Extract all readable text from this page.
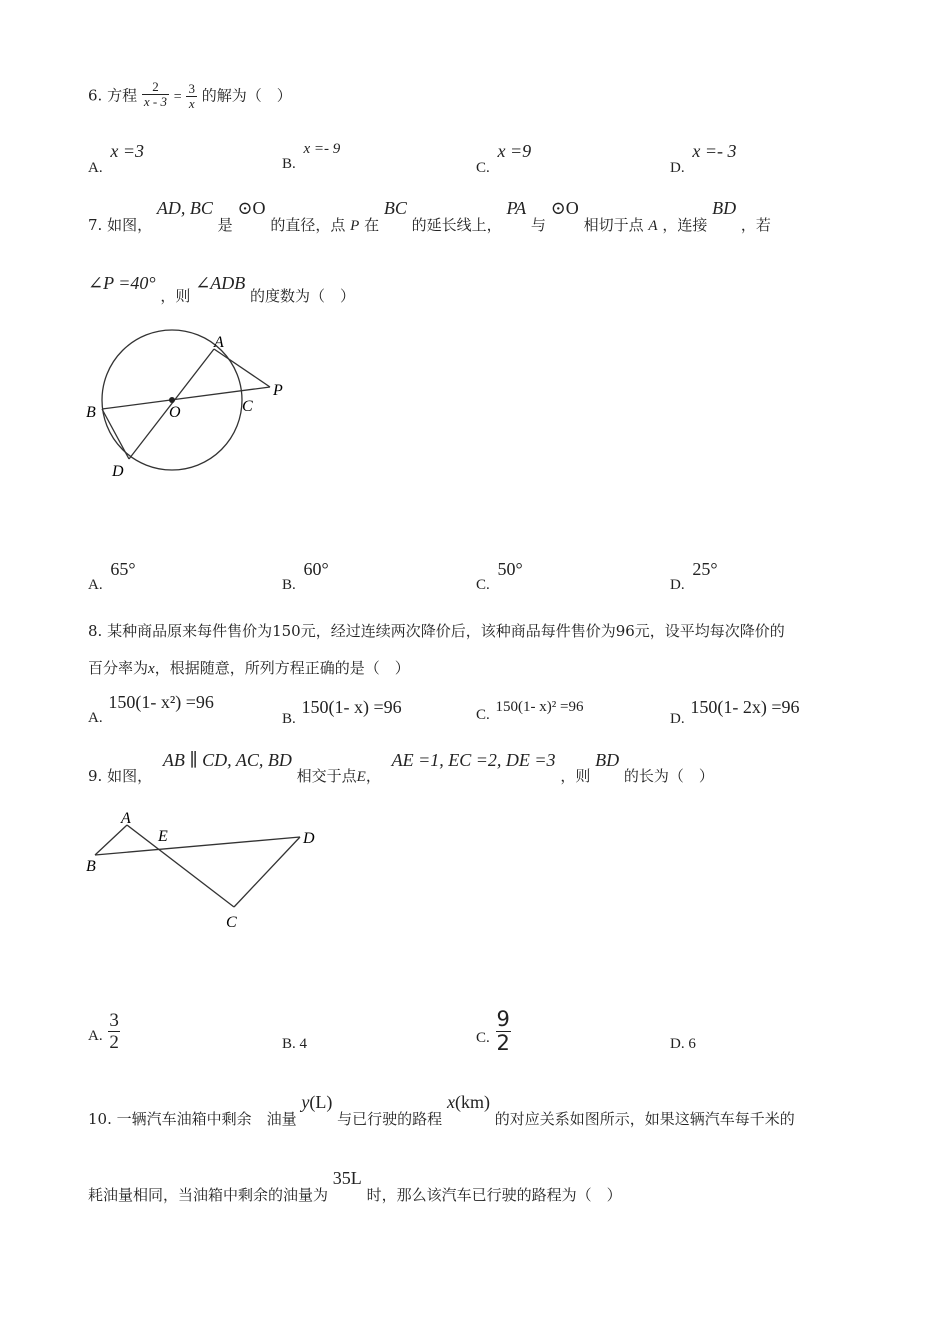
6. 方程 $\frac{2}{x - 3} = \frac{3}{x}$ 的解为（　）
A. x =3
B. x =- 9
C. x =9
D. x =- 3
7. 如图， AD, BC 是 ⊙O 的直径，点 P 在 BC 的延长线上， PA 与 ⊙O 相切于点 A ，连接 BD ，若
∠P =40° ，则 ∠ADB 的度数为（　）
A
P
B	O	C
D
A. 65°
B. 60°
C. 50°
D. 25°
8. 某种商品原来每件售价为150元，经过连续两次降价后，该种商品每件售价为96元，设平均每次降价的
百分率为x，根据随意，所列方程正确的是（　）
A. 150(1- x²) =96
B. 150(1- x) =96	C. 150(1- x)² =96
D. 150(1- 2x) =96
9. 如图， AB ∥ CD, AC, BD 相交于点E， AE =1, EC =2, DE =3 ，则 BD 的长为（　）
A
E
B
D
C
A. $\frac{3}{2}$	B. 4	C. $\frac{9}{2}$	D. 6
10. 一辆汽车油箱中剩余　油量 y(L) 与已行驶的路程 x(km) 的对应关系如图所示，如果这辆汽车每千米的
耗油量相同，当油箱中剩余的油量为 35L 时，那么该汽车已行驶的路程为（　）
